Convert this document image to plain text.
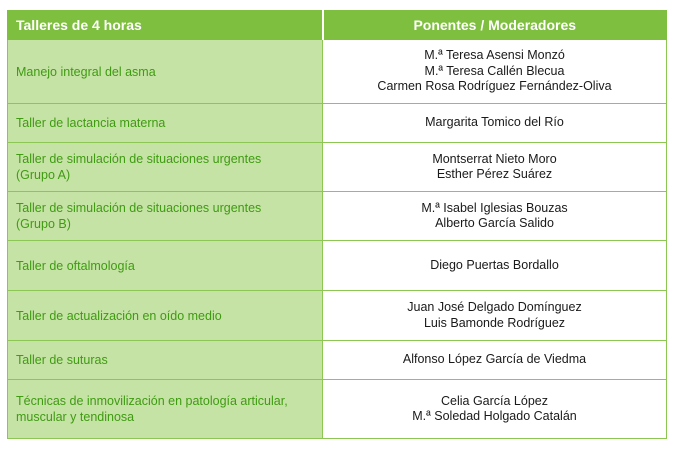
Talleres de 4 horas	Ponentes / Moderadores

Manejo integral del asma	M.ª Teresa Asensi Monzó
M.ª Teresa Callén Blecua
Carmen Rosa Rodríguez Fernández-Oliva

Taller de lactancia materna	Margarita Tomico del Río

Taller de simulación de situaciones urgentes
(Grupo A)	Montserrat Nieto Moro
Esther Pérez Suárez

Taller de simulación de situaciones urgentes
(Grupo B)	M.ª Isabel Iglesias Bouzas
Alberto García Salido

Taller de oftalmología	Diego Puertas Bordallo

Taller de actualización en oído medio	Juan José Delgado Domínguez
Luis Bamonde Rodríguez

Taller de suturas	Alfonso López García de Viedma

Técnicas de inmovilización en patología articular,
muscular y tendinosa	Celia García López
M.ª Soledad Holgado Catalán
